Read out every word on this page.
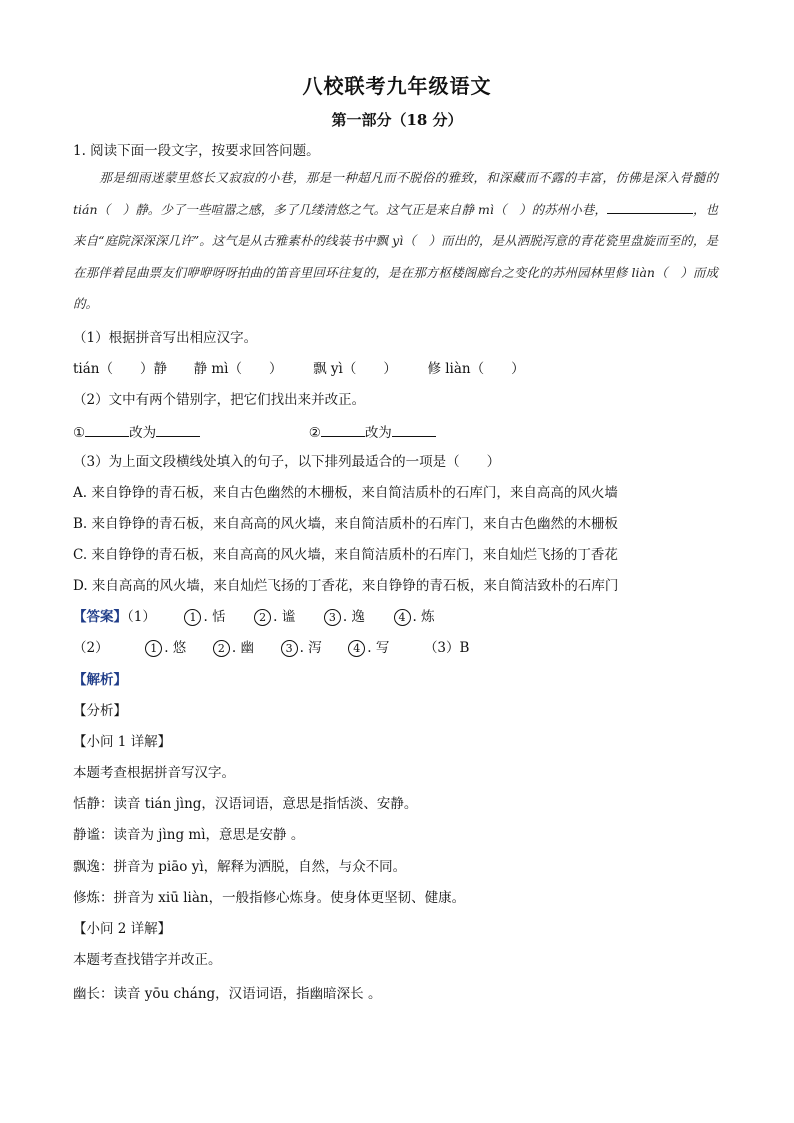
八校联考九年级语文
第一部分（18 分）
1. 阅读下面一段文字，按要求回答问题。
那是细雨迷蒙里悠长又寂寂的小巷，那是一种超凡而不脱俗的雅致，和深藏而不露的丰富，仿佛是深入骨髓的 tián（　）静。少了一些喧嚣之感，多了几缕清悠之气。这气正是来自静 mì（　）的苏州小巷，	，也来自“庭院深深深几许”。这气是从古雅素朴的线装书中飘 yì（　）而出的，是从洒脱泻意的青花瓷里盘旋而至的，是在那伴着昆曲票友们咿咿呀呀拍曲的笛音里回环往复的，是在那方枢楼阁廊台之变化的苏州园林里修 liàn（　）而成的。
（1）根据拼音写出相应汉字。
tián（　　）静 静 mì（　　） 飘 yì（　　） 修 liàn（　　）
（2）文中有两个错别字，把它们找出来并改正。
①	改为	②	改为
（3）为上面文段横线处填入的句子，以下排列最适合的一项是（　　）
A. 来自铮铮的青石板，来自古色幽然的木栅板，来自简洁质朴的石库门，来自高高的风火墙
B. 来自铮铮的青石板，来自高高的风火墙，来自简洁质朴的石库门，来自古色幽然的木栅板
C. 来自铮铮的青石板，来自高高的风火墙，来自简洁质朴的石库门，来自灿烂飞扬的丁香花
D. 来自高高的风火墙，来自灿烂飞扬的丁香花，来自铮铮的青石板，来自简洁致朴的石库门
【答案】（1）	1 . 恬	2 . 谧	3 . 逸	4 . 炼
（2）	1 . 悠	2 . 幽	3 . 泻	4 . 写	（3）B
【解析】
【分析】
【小问 1 详解】
本题考查根据拼音写汉字。
恬静：读音 tián jìng，汉语词语，意思是指恬淡、安静。
静谧：读音为 jìng mì，意思是安静 。
飘逸：拼音为 piāo yì，解释为洒脱，自然，与众不同。
修炼：拼音为 xiū liàn，一般指修心炼身。使身体更坚韧、健康。
【小问 2 详解】
本题考查找错字并改正。
幽长：读音 yōu cháng，汉语词语，指幽暗深长 。
